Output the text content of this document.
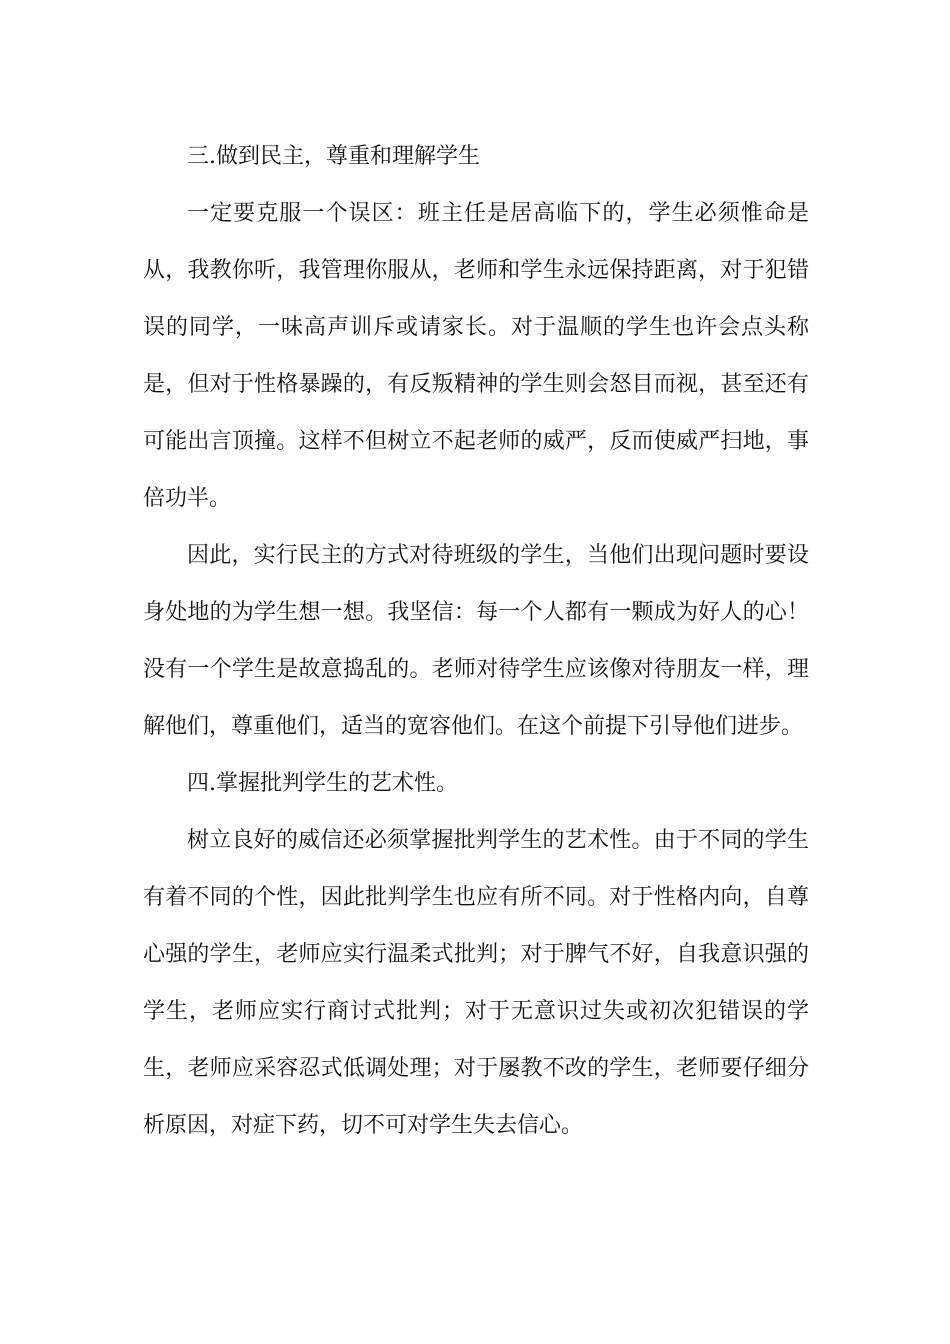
三.做到民主，尊重和理解学生

一定要克服一个误区：班主任是居高临下的，学生必须惟命是从，我教你听，我管理你服从，老师和学生永远保持距离，对于犯错误的同学，一味高声训斥或请家长。对于温顺的学生也许会点头称是，但对于性格暴躁的，有反叛精神的学生则会怒目而视，甚至还有可能出言顶撞。这样不但树立不起老师的威严，反而使威严扫地，事倍功半。

因此，实行民主的方式对待班级的学生，当他们出现问题时要设身处地的为学生想一想。我坚信：每一个人都有一颗成为好人的心！没有一个学生是故意捣乱的。老师对待学生应该像对待朋友一样，理解他们，尊重他们，适当的宽容他们。在这个前提下引导他们进步。

四.掌握批判学生的艺术性。

树立良好的威信还必须掌握批判学生的艺术性。由于不同的学生有着不同的个性，因此批判学生也应有所不同。对于性格内向，自尊心强的学生，老师应实行温柔式批判；对于脾气不好，自我意识强的学生，老师应实行商讨式批判；对于无意识过失或初次犯错误的学生，老师应采容忍式低调处理；对于屡教不改的学生，老师要仔细分析原因，对症下药，切不可对学生失去信心。
